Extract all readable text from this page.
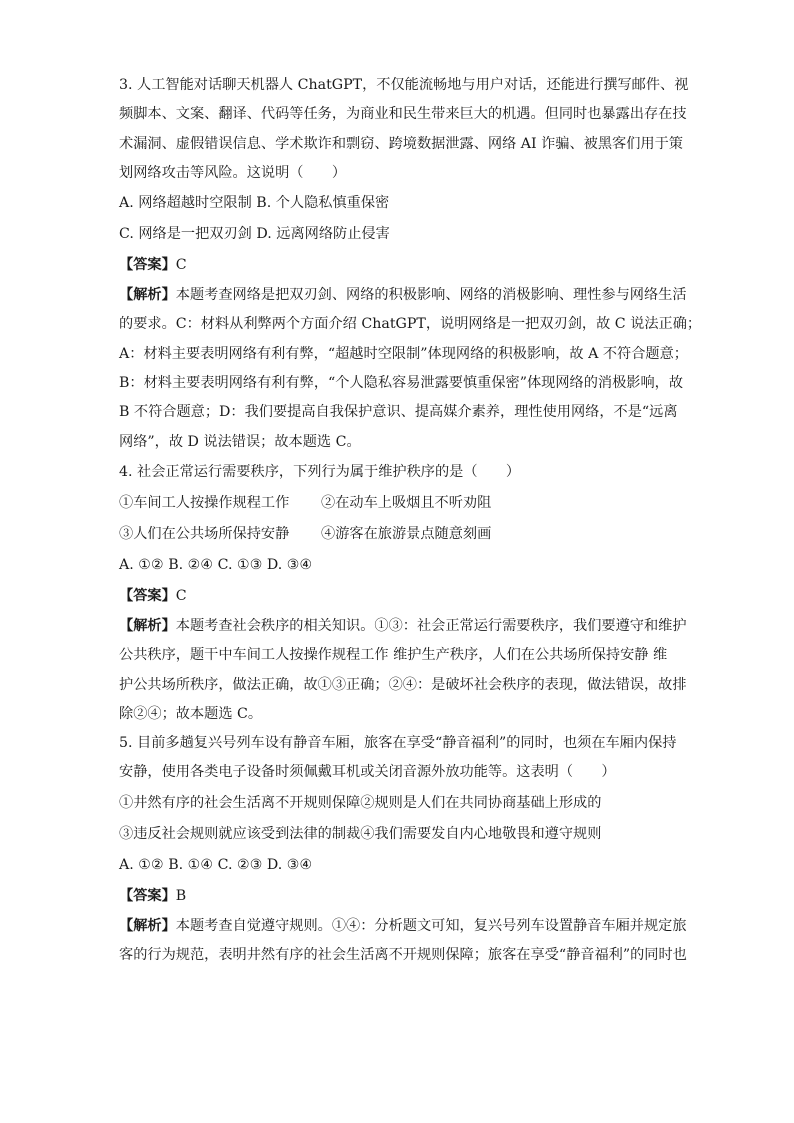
3. 人工智能对话聊天机器人 ChatGPT，不仅能流畅地与用户对话，还能进行撰写邮件、视

频脚本、文案、翻译、代码等任务，为商业和民生带来巨大的机遇。但同时也暴露出存在技

术漏洞、虚假错误信息、学术欺诈和剽窃、跨境数据泄露、网络 AI 诈骗、被黑客们用于策

划网络攻击等风险。这说明（　　）

A. 网络超越时空限制 B. 个人隐私慎重保密

C. 网络是一把双刃剑 D. 远离网络防止侵害

【答案】C

【解析】本题考查网络是把双刃剑、网络的积极影响、网络的消极影响、理性参与网络生活

的要求。C：材料从利弊两个方面介绍 ChatGPT，说明网络是一把双刃剑，故 C 说法正确；

A：材料主要表明网络有利有弊，“超越时空限制”体现网络的积极影响，故 A 不符合题意；

B：材料主要表明网络有利有弊，“个人隐私容易泄露要慎重保密”体现网络的消极影响，故

B 不符合题意；D：我们要提高自我保护意识、提高媒介素养，理性使用网络，不是“远离

网络”，故 D 说法错误；故本题选 C。

4. 社会正常运行需要秩序，下列行为属于维护秩序的是（　　）

①车间工人按操作规程工作 ②在动车上吸烟且不听劝阻

③人们在公共场所保持安静 ④游客在旅游景点随意刻画

A. ①② B. ②④ C. ①③ D. ③④

【答案】C

【解析】本题考查社会秩序的相关知识。①③：社会正常运行需要秩序，我们要遵守和维护

公共秩序，题干中车间工人按操作规程工作 维护生产秩序，人们在公共场所保持安静 维

护公共场所秩序，做法正确，故①③正确；②④：是破坏社会秩序的表现，做法错误，故排

除②④；故本题选 C。

5. 目前多趟复兴号列车设有静音车厢，旅客在享受“静音福利”的同时，也须在车厢内保持

安静，使用各类电子设备时须佩戴耳机或关闭音源外放功能等。这表明（　　）

①井然有序的社会生活离不开规则保障②规则是人们在共同协商基础上形成的

③违反社会规则就应该受到法律的制裁④我们需要发自内心地敬畏和遵守规则

A. ①② B. ①④ C. ②③ D. ③④

【答案】B

【解析】本题考查自觉遵守规则。①④：分析题文可知，复兴号列车设置静音车厢并规定旅

客的行为规范，表明井然有序的社会生活离不开规则保障；旅客在享受“静音福利”的同时也
